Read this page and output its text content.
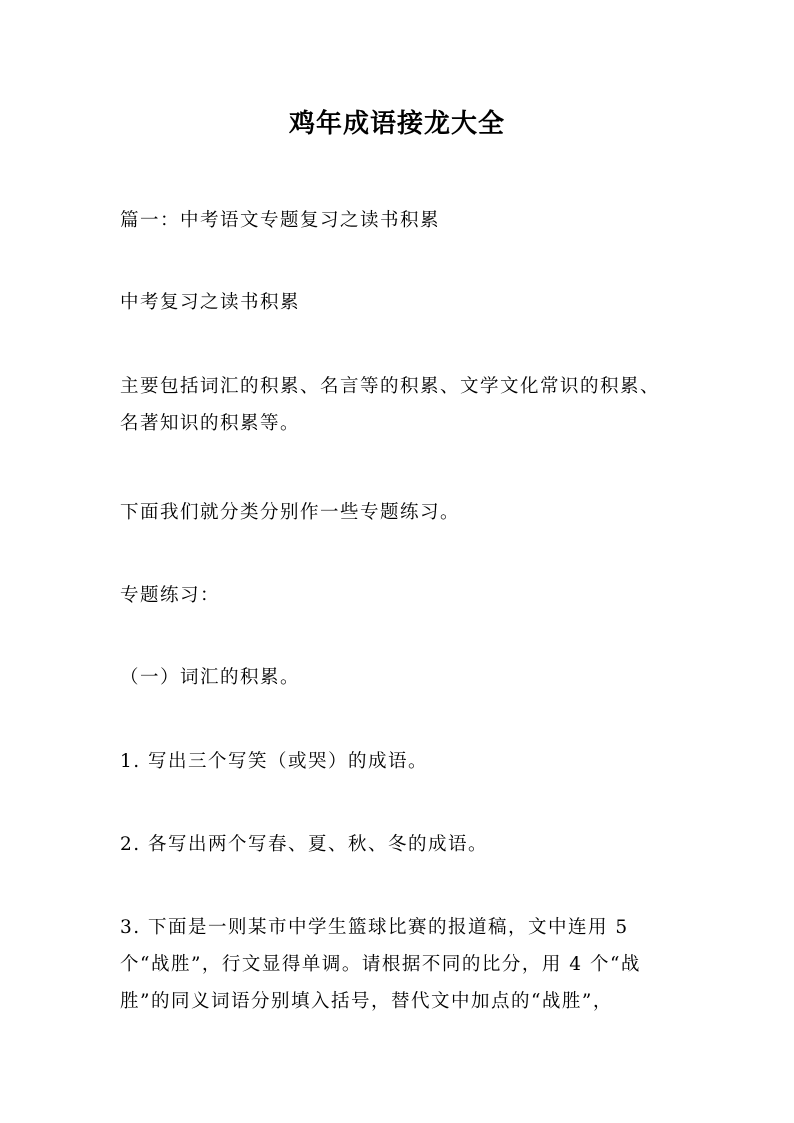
鸡年成语接龙大全
篇一：中考语文专题复习之读书积累
中考复习之读书积累
主要包括词汇的积累、名言等的积累、文学文化常识的积累、
名著知识的积累等。
下面我们就分类分别作一些专题练习。
专题练习：
（一）词汇的积累。
1. 写出三个写笑（或哭）的成语。
2. 各写出两个写春、夏、秋、冬的成语。
3. 下面是一则某市中学生篮球比赛的报道稿，文中连用 5
个“战胜”，行文显得单调。请根据不同的比分，用 4 个“战
胜”的同义词语分别填入括号，替代文中加点的“战胜”，
